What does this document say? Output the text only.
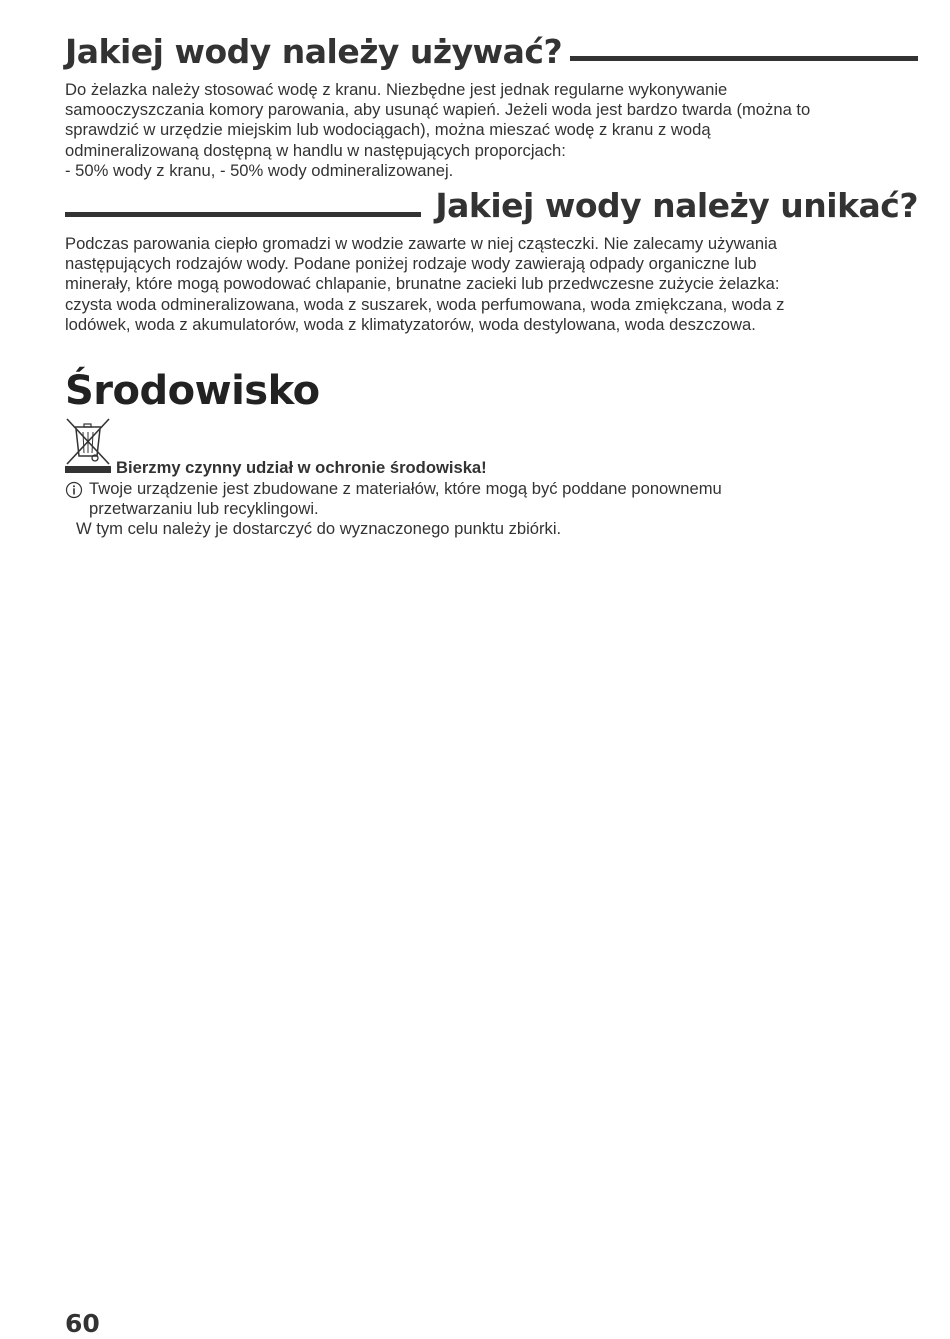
Jakiej wody należy używać?
Do żelazka należy stosować wodę z kranu. Niezbędne jest jednak regularne wykonywanie
samooczyszczania komory parowania, aby usunąć wapień. Jeżeli woda jest bardzo twarda (można to
sprawdzić w urzędzie miejskim lub wodociągach), można mieszać wodę z kranu z wodą
odmineralizowaną dostępną w handlu w następujących proporcjach:
- 50% wody z kranu, - 50% wody odmineralizowanej.
Jakiej wody należy unikać?
Podczas parowania ciepło gromadzi w wodzie zawarte w niej cząsteczki. Nie zalecamy używania
następujących rodzajów wody. Podane poniżej rodzaje wody zawierają odpady organiczne lub
minerały, które mogą powodować chlapanie, brunatne zacieki lub przedwczesne zużycie żelazka:
czysta woda odmineralizowana, woda z suszarek, woda perfumowana, woda zmiękczana, woda z
lodówek, woda z akumulatorów, woda z klimatyzatorów, woda destylowana, woda deszczowa.
Środowisko
Bierzmy czynny udział w ochronie środowiska!
Twoje urządzenie jest zbudowane z materiałów, które mogą być poddane ponownemu
przetwarzaniu lub recyklingowi.
W tym celu należy je dostarczyć do wyznaczonego punktu zbiórki.
60
